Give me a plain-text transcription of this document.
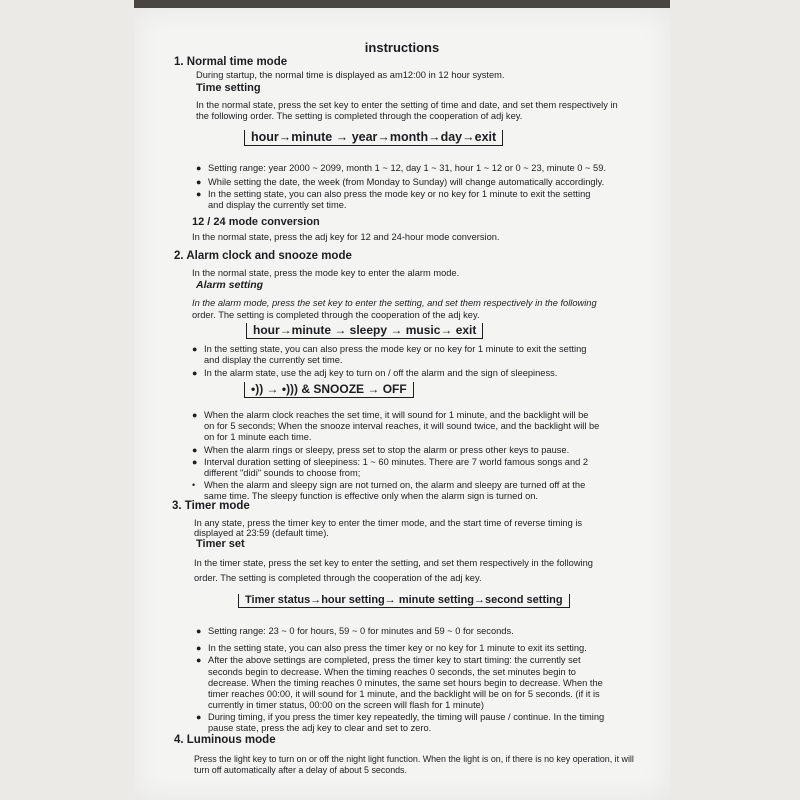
instructions
1. Normal time mode
During startup, the normal time is displayed as am12:00 in 12 hour system.
Time setting
In the normal state, press the set key to enter the setting of time and date, and set them respectively in
the following order. The setting is completed through the cooperation of adj key.
hour→minute → year→month→day→exit
● Setting range: year 2000 ~ 2099, month 1 ~ 12, day 1 ~ 31, hour 1 ~ 12 or 0 ~ 23, minute 0 ~ 59.
● While setting the date, the week (from Monday to Sunday) will change automatically accordingly.
● In the setting state, you can also press the mode key or no key for 1 minute to exit the setting
and display the currently set time.
12 / 24 mode conversion
In the normal state, press the adj key for 12 and 24-hour mode conversion.
2. Alarm clock and snooze mode
In the normal state, press the mode key to enter the alarm mode.
Alarm setting
In the alarm mode, press the set key to enter the setting, and set them respectively in the following
order. The setting is completed through the cooperation of the adj key.
hour→minute → sleepy → music→ exit
● In the setting state, you can also press the mode key or no key for 1 minute to exit the setting
and display the currently set time.
● In the alarm state, use the adj key to turn on / off the alarm and the sign of sleepiness.
•)) → •))) & SNOOZE → OFF
● When the alarm clock reaches the set time, it will sound for 1 minute, and the backlight will be
on for 5 seconds; When the snooze interval reaches, it will sound twice, and the backlight will be
on for 1 minute each time.
● When the alarm rings or sleepy, press set to stop the alarm or press other keys to pause.
● Interval duration setting of sleepiness: 1 ~ 60 minutes. There are 7 world famous songs and 2
different "didi" sounds to choose from;
• When the alarm and sleepy sign are not turned on, the alarm and sleepy are turned off at the
same time. The sleepy function is effective only when the alarm sign is turned on.
3. Timer mode
In any state, press the timer key to enter the timer mode, and the start time of reverse timing is
displayed at 23:59 (default time).
Timer set
In the timer state, press the set key to enter the setting, and set them respectively in the following
order. The setting is completed through the cooperation of the adj key.
Timer status→hour setting→ minute setting→second setting
● Setting range: 23 ~ 0 for hours, 59 ~ 0 for minutes and 59 ~ 0 for seconds.
● In the setting state, you can also press the timer key or no key for 1 minute to exit its setting.
● After the above settings are completed, press the timer key to start timing: the currently set
seconds begin to decrease. When the timing reaches 0 seconds, the set minutes begin to
decrease. When the timing reaches 0 minutes, the same set hours begin to decrease. When the
timer reaches 00:00, it will sound for 1 minute, and the backlight will be on for 5 seconds. (if it is
currently in timer status, 00:00 on the screen will flash for 1 minute)
● During timing, if you press the timer key repeatedly, the timing will pause / continue. In the timing
pause state, press the adj key to clear and set to zero.
4. Luminous mode
Press the light key to turn on or off the night light function. When the light is on, if there is no key operation, it will
turn off automatically after a delay of about 5 seconds.
